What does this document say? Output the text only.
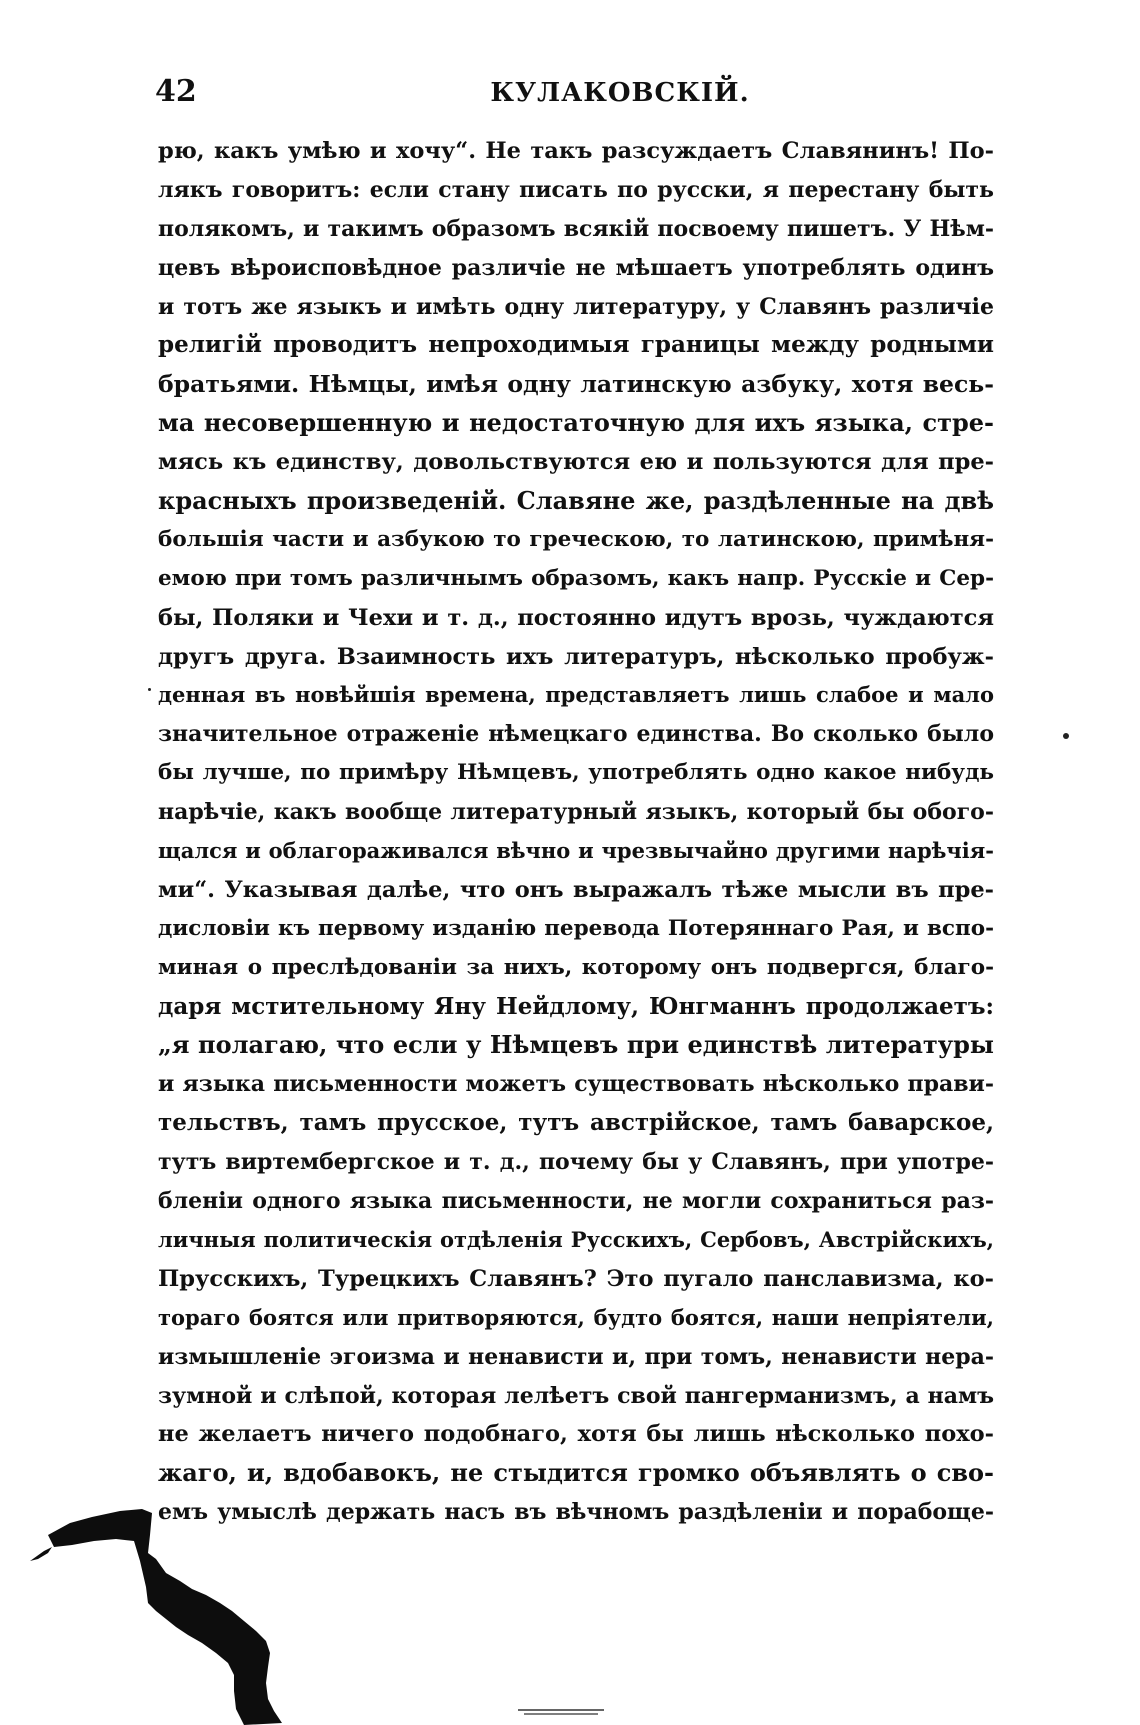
42	КУЛАКОВСКІЙ.
рю, какъ умѣю и хочу“. Не такъ разсуждаетъ Славянинъ! По-
лякъ говоритъ: если стану писать по русски, я перестану быть
полякомъ, и такимъ образомъ всякій посвоему пишетъ. У Нѣм-
цевъ вѣроисповѣдное различіе не мѣшаетъ употреблять одинъ
и тотъ же языкъ и имѣть одну литературу, у Славянъ различіе
религій проводитъ непроходимыя границы между родными
братьями. Нѣмцы, имѣя одну латинскую азбуку, хотя весь-
ма несовершенную и недостаточную для ихъ языка, стре-
мясь къ единству, довольствуются ею и пользуются для пре-
красныхъ произведеній. Славяне же, раздѣленные на двѣ
большія части и азбукою то греческою, то латинскою, примѣня-
емою при томъ различнымъ образомъ, какъ напр. Русскіе и Сер-
бы, Поляки и Чехи и т. д., постоянно идутъ врозь, чуждаются
другъ друга. Взаимность ихъ литературъ, нѣсколько пробуж-
денная въ новѣйшія времена, представляетъ лишь слабое и мало
значительное отраженіе нѣмецкаго единства. Во сколько было
бы лучше, по примѣру Нѣмцевъ, употреблять одно какое нибудь
нарѣчіе, какъ вообще литературный языкъ, который бы обого-
щался и облагораживался вѣчно и чрезвычайно другими нарѣчія-
ми“. Указывая далѣе, что онъ выражалъ тѣже мысли въ пре-
дисловіи къ первому изданію перевода Потеряннаго Рая, и вспо-
миная о преслѣдованіи за нихъ, которому онъ подвергся, благо-
даря мстительному Яну Нейдлому, Юнгманнъ продолжаетъ:
„я полагаю, что если у Нѣмцевъ при единствѣ литературы
и языка письменности можетъ существовать нѣсколько прави-
тельствъ, тамъ прусское, тутъ австрійское, тамъ баварское,
тутъ виртембергское и т. д., почему бы у Славянъ, при употре-
бленіи одного языка письменности, не могли сохраниться раз-
личныя политическія отдѣленія Русскихъ, Сербовъ, Австрійскихъ,
Прусскихъ, Турецкихъ Славянъ? Это пугало панславизма, ко-
тораго боятся или притворяются, будто боятся, наши непріятели,
измышленіе эгоизма и ненависти и, при томъ, ненависти нера-
зумной и слѣпой, которая лелѣетъ свой пангерманизмъ, а намъ
не желаетъ ничего подобнаго, хотя бы лишь нѣсколько похо-
жаго, и, вдобавокъ, не стыдится громко объявлять о сво-
емъ умыслѣ держать насъ въ вѣчномъ раздѣленіи и порабоще-
